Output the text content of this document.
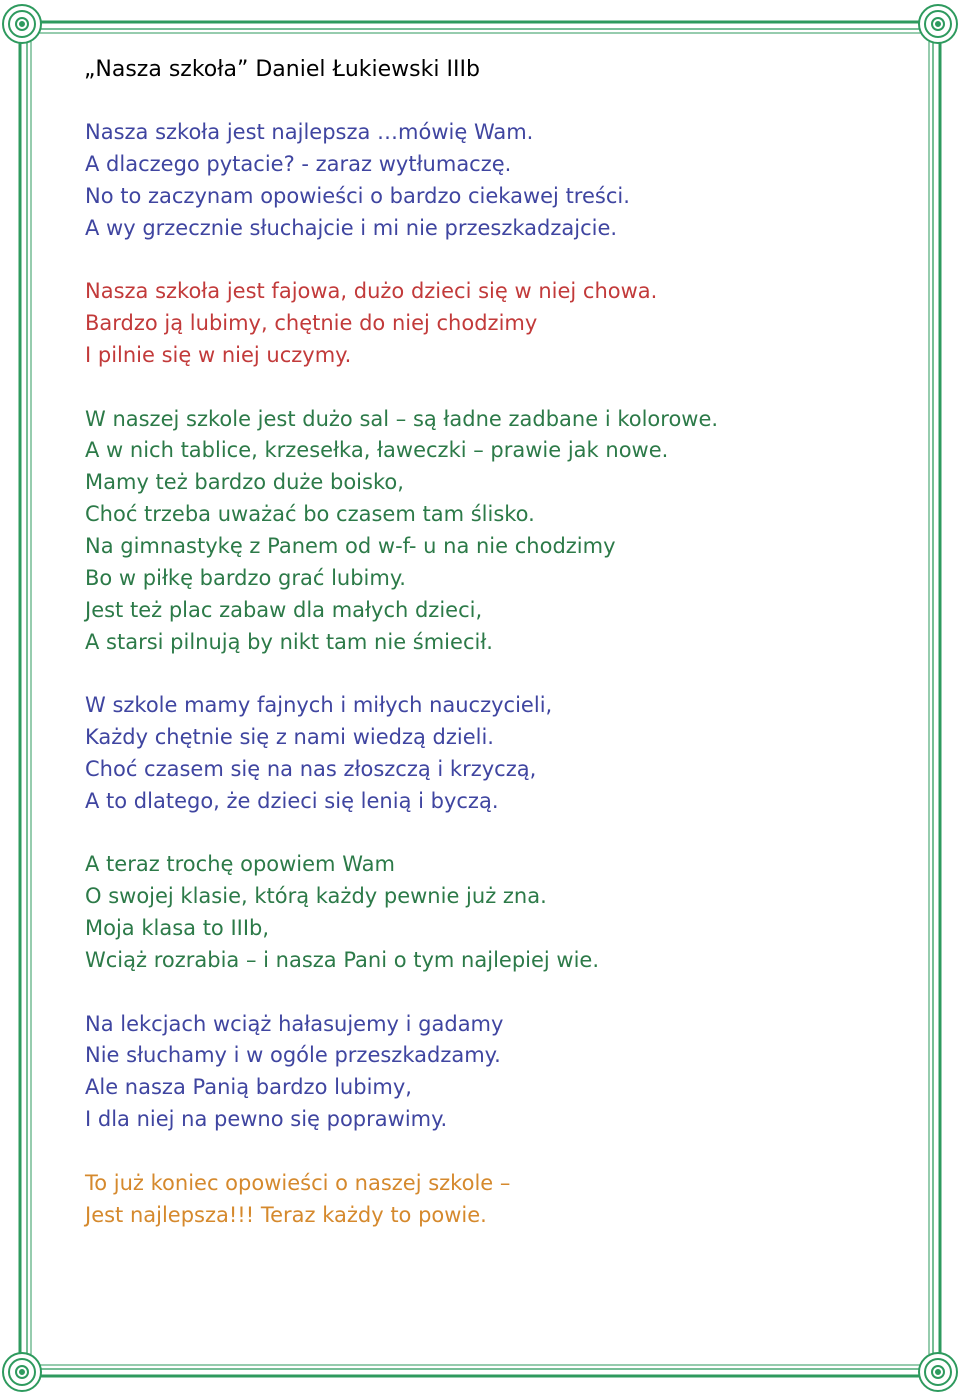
„Nasza szkoła” Daniel Łukiewski IIIb
Nasza szkoła jest najlepsza …mówię Wam.
A dlaczego pytacie? - zaraz wytłumaczę.
No to zaczynam opowieści o bardzo ciekawej treści.
A wy grzecznie słuchajcie i mi nie przeszkadzajcie.
Nasza szkoła jest fajowa, dużo dzieci się w niej chowa.
Bardzo ją lubimy, chętnie do niej chodzimy
I pilnie się w niej uczymy.
W naszej szkole jest dużo sal – są ładne zadbane i kolorowe.
A w nich tablice, krzesełka, ławeczki – prawie jak nowe.
Mamy też bardzo duże boisko,
Choć trzeba uważać bo czasem tam ślisko.
Na gimnastykę z Panem od w-f- u na nie chodzimy
Bo w piłkę bardzo grać lubimy.
Jest też plac zabaw dla małych dzieci,
A starsi pilnują by nikt tam nie śmiecił.
W szkole mamy fajnych i miłych nauczycieli,
Każdy chętnie się z nami wiedzą dzieli.
Choć czasem się na nas złoszczą i krzyczą,
A to dlatego, że dzieci się lenią i byczą.
A teraz trochę opowiem Wam
O swojej klasie, którą każdy pewnie już zna.
Moja klasa to IIIb,
Wciąż rozrabia – i nasza Pani o tym najlepiej wie.
Na lekcjach wciąż hałasujemy i gadamy
Nie słuchamy i w ogóle przeszkadzamy.
Ale nasza Panią bardzo lubimy,
I dla niej na pewno się poprawimy.
To już koniec opowieści o naszej szkole –
Jest najlepsza!!! Teraz każdy to powie.
